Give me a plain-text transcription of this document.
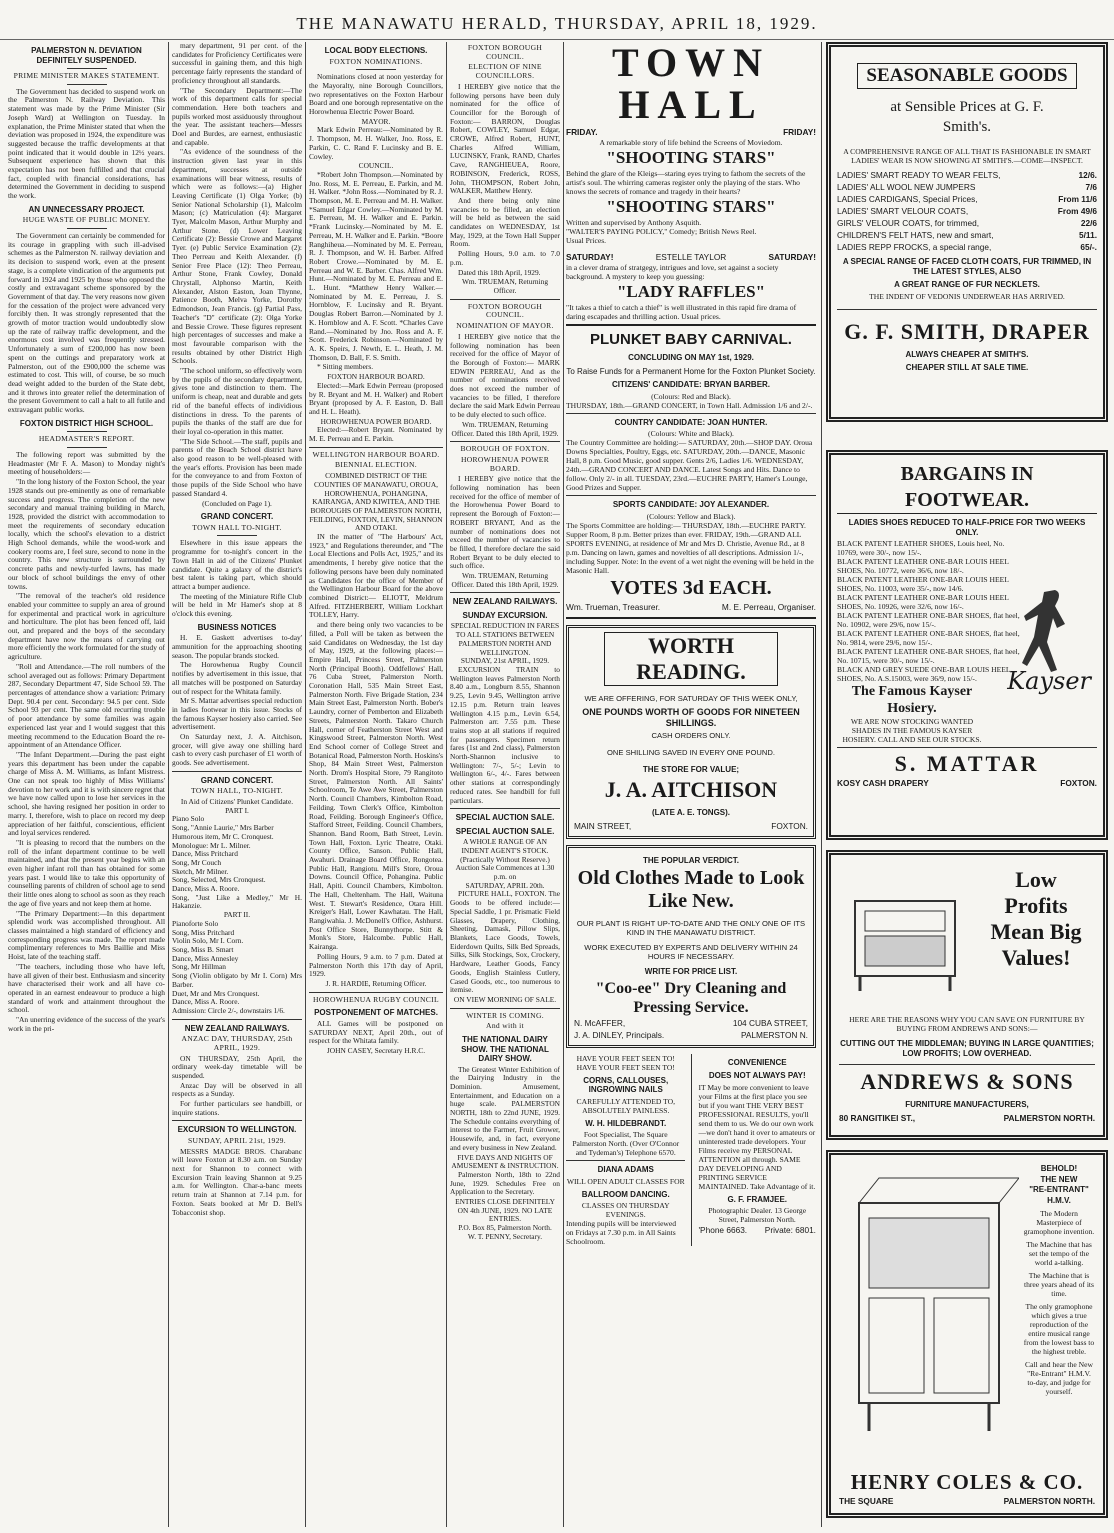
THE MANAWATU HERALD, THURSDAY, APRIL 18, 1929.
PALMERSTON N. DEVIATION DEFINITELY SUSPENDED.
PRIME MINISTER MAKES STATEMENT.

The Government has decided to suspend work on the Palmerston N. Railway Deviation. This statement was made by the Prime Minister (Sir Joseph Ward) at Wellington on Tuesday. In explanation, the Prime Minister stated that when the deviation was proposed in 1924, the expenditure was suggested because the traffic developments at that point indicated that it would double in 12½ years. Subsequent experience has shown that this expectation has not been fulfilled and that crucial fact, coupled with financial considerations, has determined the Government in deciding to suspend the work.

AN UNNECESSARY PROJECT.
HUGE WASTE OF PUBLIC MONEY.

The Government can certainly be commended for its courage in grappling with such ill-advised schemes as the Palmerston N. railway deviation and its decision to suspend work, even at the present stage, is a complete vindication of the arguments put forward in 1924 and 1925 by those who opposed the costly and extravagant scheme sponsored by the Government of that day. The very reasons now given for the cessation of the project were advanced very forcibly then. It was strongly represented that the growth of motor traction would undoubtedly slow up the rate of railway traffic development, and the enormous cost involved was frequently stressed. Unfortunately a sum of £200,000 has now been spent on the cuttings and preparatory work at Palmerston, out of the £900,000 the scheme was estimated to cost. This will, of course, be so much dead weight added to the burden of the State debt, and it throws into greater relief the determination of the present Government to call a halt to all futile and extravagant public works.

FOXTON DISTRICT HIGH SCHOOL.
HEADMASTER'S REPORT.

The following report was submitted by the Headmaster (Mr F. A. Mason) to Monday night's meeting of householders:—

"In the long history of the Foxton School, the year 1928 stands out pre-eminently as one of remarkable success and progress. The completion of the new secondary and manual training building in March, 1928, provided the district with accommodation to meet the requirements of secondary education locally, which the school's elevation to a district High School demands, while the wood-work and cookery rooms are, I feel sure, second to none in the country. This new structure is surrounded by concrete paths and newly-turfed lawns, has made our block of school buildings the envy of other towns.

"The removal of the teacher's old residence enabled your committee to supply an area of ground for experimental and practical work in agriculture and horticulture. The plot has been fenced off, laid out, and prepared and the boys of the secondary department have now the means of carrying out more efficiently the work formulated for the study of agriculture.

"Roll and Attendance.—The roll numbers of the school averaged out as follows: Primary Department 287, Secondary Department 47, Side School 59. The percentages of attendance show a variation: Primary Dept. 90.4 per cent. Secondary: 94.5 per cent. Side School 93 per cent. The same old recurring trouble of poor attendance by some families was again experienced last year and I would suggest that this meeting recommend to the Education Board the re-appointment of an Attendance Officer.

"The Infant Department.—During the past eight years this department has been under the capable charge of Miss A. M. Williams, as Infant Mistress. One can not speak too highly of Miss Williams' devotion to her work and it is with sincere regret that we have now called upon to lose her services in the school, she having resigned her position in order to marry. I, therefore, wish to place on record my deep appreciation of her faithful, conscientious, efficient and loyal services rendered.

"It is pleasing to record that the numbers on the roll of the infant department continue to be well maintained, and that the present year begins with an even higher infant roll than has obtained for some years past. I would like to take this opportunity of counselling parents of children of school age to send their little ones along to school as soon as they reach the age of five years and not keep them at home.

"The Primary Department:—In this department splendid work was accomplished throughout. All classes maintained a high standard of efficiency and corresponding progress was made. The report made complimentary references to Mrs Baillie and Miss Hoist, late of the teaching staff.

"The teachers, including those who have left, have all given of their best. Enthusiasm and sincerity have characterised their work and all have co-operated in an earnest endeavour to produce a high standard of work and attainment throughout the school.

"An unerring evidence of the success of the year's work in the pri-

mary department, 91 per cent. of the candidates for Proficiency Certificates were successful in gaining them, and this high percentage fairly represents the standard of proficiency throughout all standards.

"The Secondary Department:—The work of this department calls for special commendation. Here both teachers and pupils worked most assiduously throughout the year. The assistant teachers—Messrs Doel and Burdes, are earnest, enthusiastic and capable.

"As evidence of the soundness of the instruction given last year in this department, successes at outside examinations will bear witness, results of which were as follows:—(a) Higher Leaving Certificate (1) Olga Yorke; (b) Senior National Scholarship (1), Malcolm Mason; (c) Matriculation (4): Margaret Tyer, Malcolm Mason, Arthur Murphy and Arthur Stone. (d) Lower Leaving Certificate (2): Bessie Crowe and Margaret Tyer. (e) Public Service Examination (2): Theo Perreau and Keith Alexander. (f) Senior Free Place (12): Theo Perreau, Arthur Stone, Frank Cowley, Donald Chrystall, Alphonso Martin, Keith Alexander, Alston Easton, Joan Thynne, Patience Booth, Melva Yorke, Dorothy Edmondson, Jean Francis. (g) Partial Pass, Teacher's "D" certificate (2): Olga Yorke and Bessie Crowe. These figures represent high percentages of successes and make a most favourable comparison with the results obtained by other District High Schools.

"The school uniform, so effectively worn by the pupils of the secondary department, gives tone and distinction to them. The uniform is cheap, neat and durable and gets rid of the baneful effects of individious distinctions in dress. To the parents of pupils the thanks of the staff are due for their loyal co-operation in this matter.

"The Side School.—The staff, pupils and parents of the Beach School district have also good reason to be well-pleased with the year's efforts. Provision has been made for the conveyance to and from Foxton of those pupils of the Side School who have passed Standard 4.

(Concluded on Page 1).

GRAND CONCERT.
TOWN HALL TO-NIGHT.

Elsewhere in this issue appears the programme for to-night's concert in the Town Hall in aid of the Citizens' Plunket candidate. Quite a galaxy of the district's best talent is taking part, which should attract a bumper audience.

The meeting of the Miniature Rifle Club will be held in Mr Hamer's shop at 8 o'clock this evening.

BUSINESS NOTICES

H. E. Gaskett advertises to-day' ammunition for the approaching shooting season. The popular brands stocked.

The Horowhenua Rugby Council notifies by advertisement in this issue, that all matches will be postponed on Saturday out of respect for the Whitata family.

Mr S. Mattar advertises special reduction in ladies footwear in this issue. Stocks of the famous Kayser hosiery also carried. See advertisement.

On Saturday next, J. A. Aitchison, grocer, will give away one shilling hard cash to every cash purchaser of £1 worth of goods. See advertisement.

GRAND CONCERT.
TOWN HALL, TO-NIGHT.
In Aid of Citizens' Plunket Candidate.
PART I.
Piano Solo
Song, "Annie Laurie," Mrs Barber
Humorous item, Mr C. Cronquest.
Monologue: Mr L. Milner.
Dance, Miss Pritchard
Song, Mr Couch
Sketch, Mr Milner.
Song, Selected, Mrs Cronquest.
Dance, Miss A. Roore.
Song, "Just Like a Medley," Mr H. Hakanzie.
PART II.
Pianoforte Solo
Song, Miss Pritchard
Violin Solo, Mr I. Corn.
Song, Miss B. Smart
Dance, Miss Annesley
Song, Mr Hillman
Song (Violin obligato by Mr I. Corn) Mrs Barber.
Duet, Mr and Mrs Cronquest.
Dance, Miss A. Roore.
Admission: Circle 2/-, downstairs 1/6.
NEW ZEALAND RAILWAYS.
ANZAC DAY, THURSDAY, 25th APRIL, 1929.

ON THURSDAY, 25th April, the ordinary week-day timetable will be suspended.

Anzac Day will be observed in all respects as a Sunday.

For further particulars see handbill, or inquire stations.

EXCURSION TO WELLINGTON.
SUNDAY, APRIL 21st, 1929.

MESSRS MADGE BROS. Charabanc will leave Foxton at 8.30 a.m. on Sunday next for Shannon to connect with Excursion Train leaving Shannon at 9.25 a.m. for Wellington. Char-a-banc meets return train at Shannon at 7.14 p.m. for Foxton. Seats booked at Mr D. Bell's Tobacconist shop.

LOCAL BODY ELECTIONS.
FOXTON NOMINATIONS.

Nominations closed at noon yesterday for the Mayoralty, nine Borough Councillors, two representatives on the Foxton Harbour Board and one borough representative on the Horowhenua Electric Power Board.

MAYOR.

Mark Edwin Perreau:—Nominated by R. J. Thompson, M. H. Walker, Jno. Ross, E. Parkin, C. C. Rand F. Lucinsky and B. E. Cowley.

COUNCIL.

*Robert John Thompson.—Nominated by Jno. Ross, M. E. Perreau, E. Parkin, and M. H. Walker. *John Ross.—Nominated by R. J. Thompson, M. E. Perreau and M. H. Walker. *Samuel Edgar Cowley.—Nominated by M. E. Perreau, M. H. Walker and E. Parkin. *Frank Lucinsky.—Nominated by M. E. Perreau, M. H. Walker and E. Parkin. *Boore Ranghiheua.—Nominated by M. E. Perreau, R. J. Thompson, and W. H. Barber. Alfred Robert Crowe.—Nominated by M. E. Perreau and W. E. Barber. Chas. Alfred Wm. Hunt.—Nominated by M. E. Perreau and E. L. Hunt. *Matthew Henry Walker.—Nominated by M. E. Perreau, J. S. Hornblow, F. Lucinsky and R. Bryant. Douglas Robert Barron.—Nominated by J. K. Hornblow and A. F. Scott. *Charles Cave Rand.—Nominated by Jno. Ross and A. F. Scott. Frederick Robinson.—Nominated by A. K. Speirs, J. Newth, E. L. Heath, J. M. Thomson, D. Ball, F. S. Smith.

* Sitting members.

FOXTON HARBOUR BOARD.

Elected:—Mark Edwin Perreau (proposed by R. Bryant and M. H. Walker) and Robert Bryant (proposed by A. F. Easton, D. Ball and H. L. Heath).

HOROWHENUA POWER BOARD.

Elected:—Robert Bryant. Nominated by M. E. Perreau and E. Parkin.

WELLINGTON HARBOUR BOARD.
BIENNIAL ELECTION.

COMBINED DISTRICT OF THE COUNTIES OF MANAWATU, OROUA, HOROWHENUA, POHANGINA, KAIRANGA, AND KIWITEA, AND THE BOROUGHS OF PALMERSTON NORTH, FEILDING, FOXTON, LEVIN, SHANNON AND OTAKI.

IN the matter of "The Harbours' Act, 1923," and Regulations thereunder, and "The Local Elections and Polls Act, 1925," and its amendments, I hereby give notice that the following persons have been duly nominated as Candidates for the office of Member of the Wellington Harbour Board for the above combined District:— ELIOTT, Meldrum Alfred. FITZHERBERT, William Lockhart TOLLEY, Harry.

and there being only two vacancies to be filled, a Poll will be taken as between the said Candidates on Wednesday, the 1st day of May, 1929, at the following places:— Empire Hall, Princess Street, Palmerston North (Principal Booth). Oddfellows' Hall, 76 Cuba Street, Palmerston North. Coronation Hall, 535 Main Street East, Palmerston North. Five Brigade Station, 234 Main Street East, Palmerston North. Bober's Laundry, corner of Pemberton and Elizabeth Streets, Palmerston North. Takaro Church Hall, corner of Featherston Street West and Kingswood Street, Palmerston North. West End School corner of College Street and Botanical Road, Palmerston North. Hoskins's Shop, 84 Main Street West, Palmerston North. Drom's Hospital Store, 79 Rangitoto Street, Palmerston North. All Saints' Schoolroom, Te Awe Awe Street, Palmerston North. Council Chambers, Kimbolton Road, Feilding. Town Clerk's Office, Kimbolton Road, Feilding. Borough Engineer's Office, Stafford Street, Feilding. Council Chambers, Shannon. Band Room, Bath Street, Levin. Town Hall, Foxton. Lyric Theatre, Otaki. County Office, Sanson. Public Hall, Awahuri. Drainage Board Office, Rongotea. Public Hall, Rangiotu. Mill's Store, Oroua Downs. Council Office, Pohangina. Public Hall, Apiti. Council Chambers, Kimbolton. The Hall, Cheltenham. The Hall, Waituna West. T. Stewart's Residence, Otara Hill. Kreiger's Hall, Lower Kawhatau. The Hall, Rangiwahia. J. McDonell's Office, Ashhurst. Post Office Store, Bunnythorpe. Stitt & Monk's Store, Halcombe. Public Hall, Kairanga.

Polling Hours, 9 a.m. to 7 p.m. Dated at Palmerston North this 17th day of April, 1929.

J. R. HARDIE, Returning Officer.

HOROWHENUA RUGBY COUNCIL
POSTPONEMENT OF MATCHES.

ALL Games will be postponed on SATURDAY NEXT, April 20th., out of respect for the Whitata family.

JOHN CASEY, Secretary H.R.C.

FOXTON BOROUGH COUNCIL.
ELECTION OF NINE COUNCILLORS.

I HEREBY give notice that the following persons have been duly nominated for the office of Councillor for the Borough of Foxton:— BARRON, Douglas Robert, COWLEY, Samuel Edgar, CROWE, Alfred Robert, HUNT, Charles Alfred William, LUCINSKY, Frank, RAND, Charles Cave, RANGHIEUEA, Roore, ROBINSON, Frederick, ROSS, John, THOMPSON, Robert John, WALKER, Matthew Henry.

And there being only nine vacancies to be filled, an election will be held as between the said candidates on WEDNESDAY, 1st May, 1929, at the Town Hall Supper Room.

Polling Hours, 9.0 a.m. to 7.0 p.m.

Dated this 18th April, 1929.

Wm. TRUEMAN, Returning Officer.

FOXTON BOROUGH COUNCIL.
NOMINATION OF MAYOR.

I HEREBY give notice that the following nomination has been received for the office of Mayor of the Borough of Foxton:— MARK EDWIN PERREAU, And as the number of nominations received does not exceed the number of vacancies to be filled, I therefore declare the said Mark Edwin Perreau to be duly elected to such office.

Wm. TRUEMAN, Returning Officer. Dated this 18th April, 1929.

BOROUGH OF FOXTON.
HOROWHENUA POWER BOARD.

I HEREBY give notice that the following nomination has been received for the office of member of the Horowhenua Power Board to represent the Borough of Foxton:— ROBERT BRYANT, And as the number of nominations does not exceed the number of vacancies to be filled, I therefore declare the said Robert Bryant to be duly elected to such office.

Wm. TRUEMAN, Returning Officer. Dated this 18th April, 1929.

NEW ZEALAND RAILWAYS.
SUNDAY EXCURSION.

SPECIAL REDUCTION IN FARES TO ALL STATIONS BETWEEN PALMERSTON NORTH AND WELLINGTON.

SUNDAY, 21st APRIL, 1929.

EXCURSION TRAIN to Wellington leaves Palmerston North 8.40 a.m., Longburn 8.55, Shannon 9.25, Levin 9.45, Wellington arrive 12.15 p.m. Return train leaves Wellington 4.15 p.m., Levin 6.54, Palmerston arr. 7.55 p.m. These trains stop at all stations if required for passengers. Specimen return fares (1st and 2nd class), Palmerston North-Shannon inclusive to Wellington: 7/-, 5/-; Levin to Wellington 6/-, 4/-. Fares between other stations at correspondingly reduced rates. See handbill for full particulars.

SPECIAL AUCTION SALE.
SPECIAL AUCTION SALE.

A WHOLE RANGE OF AN INDENT AGENT'S STOCK. (Practically Without Reserve.) Auction Sale Commences at 1.30 p.m. on

SATURDAY, APRIL 20th.

PICTURE HALL, FOXTON. The Goods to be offered include:— Special Saddle, 1 pr. Prismatic Field Glasses, Drapery, Clothing, Sheeting, Damask, Pillow Slips, Blankets, Lace Goods, Towels, Eiderdown Quilts, Silk Bed Spreads, Silks, Silk Stockings, Sox, Crockery, Hardware, Leather Goods, Fancy Goods, English Stainless Cutlery, Cased Goods, etc., too numerous to itemise.

ON VIEW MORNING OF SALE.

WINTER IS COMING.
And with it
THE NATIONAL DAIRY SHOW. THE NATIONAL DAIRY SHOW.

The Greatest Winter Exhibition of the Dairying Industry in the Dominion. Amusement, Entertainment, and Education on a huge scale. PALMERSTON NORTH, 18th to 22nd JUNE, 1929. The Schedule contains everything of interest to the Farmer, Fruit Grower, Housewife, and, in fact, everyone and every business in New Zealand.

FIVE DAYS AND NIGHTS OF AMUSEMENT & INSTRUCTION.

Palmerston North, 18th to 22nd June, 1929. Schedules Free on Application to the Secretary.

ENTRIES CLOSE DEFINITELY ON 4th JUNE, 1929. NO LATE ENTRIES.

P.O. Box 85, Palmerston North.

W. T. PENNY, Secretary.

TOWN HALL
FRIDAY.	FRIDAY!
A remarkable story of life behind the Screens of Moviedom.
"SHOOTING STARS"
Behind the glare of the Kleigs—staring eyes trying to fathom the secrets of the artist's soul. The whirring cameras register only the playing of the stars. Who knows the secrets of romance and tragedy in their hearts?
"SHOOTING STARS"
Written and supervised by Anthony Asquith.
"WALTER'S PAYING POLICY," Comedy; British News Reel.
Usual Prices.
SATURDAY!	ESTELLE TAYLOR	SATURDAY!
in a clever drama of stratgegy, intrigues and love, set against a society background. A mystery to keep you guessing:
"LADY RAFFLES"
"It takes a thief to catch a thief" is well illustrated in this rapid fire drama of daring escapades and thrilling action. Usual prices.
PLUNKET BABY CARNIVAL.
CONCLUDING ON MAY 1st, 1929.
To Raise Funds for a Permanent Home for the Foxton Plunket Society.
CITIZENS' CANDIDATE: BRYAN BARBER.
(Colours: Red and Black).
THURSDAY, 18th.—GRAND CONCERT, in Town Hall. Admission 1/6 and 2/-.
COUNTRY CANDIDATE: JOAN HUNTER.
(Colours: White and Black).
The Country Committee are holding:— SATURDAY, 20th.—SHOP DAY. Oroua Downs Specialties, Poultry, Eggs, etc. SATURDAY, 20th.—DANCE, Masonic Hall, 8 p.m. Good Music, good supper. Gents 2/6, Ladies 1/6. WEDNESDAY, 24th.—GRAND CONCERT AND DANCE. Latest Songs and Hits. Dance to follow. Only 2/- in all. TUESDAY, 23rd.—EUCHRE PARTY, Hamer's Lounge, Good Prizes and Supper.
SPORTS CANDIDATE: JOY ALEXANDER.
(Colours: Yellow and Black).
The Sports Committee are holding:— THURSDAY, 18th.—EUCHRE PARTY. Supper Room, 8 p.m. Better prizes than ever. FRIDAY, 19th.—GRAND ALL SPORTS EVENING, at residence of Mr and Mrs D. Christie, Avenue Rd., at 8 p.m. Dancing on lawn, games and novelties of all descriptions. Admission 1/-, including Supper. Note: In the event of a wet night the evening will be held in the Masonic Hall.
VOTES 3d EACH.
Wm. Trueman, Treasurer.	M. E. Perreau, Organiser.
WORTH READING.
WE ARE OFFERING, FOR SATURDAY OF THIS WEEK ONLY,
ONE POUNDS WORTH OF GOODS FOR NINETEEN SHILLINGS.
CASH ORDERS ONLY.
ONE SHILLING SAVED IN EVERY ONE POUND.
THE STORE FOR VALUE;
J. A. AITCHISON
(LATE A. E. TONGS).
MAIN STREET,	FOXTON.
THE POPULAR VERDICT.
Old Clothes Made to Look Like New.
OUR PLANT IS RIGHT UP-TO-DATE AND THE ONLY ONE OF ITS KIND IN THE MANAWATU DISTRICT.
WORK EXECUTED BY EXPERTS AND DELIVERY WITHIN 24 HOURS IF NECESSARY.
WRITE FOR PRICE LIST.
"Coo-ee" Dry Cleaning and Pressing Service.
N. McAFFER,	104 CUBA STREET,
J. A. DINLEY, Principals.	PALMERSTON N.
HAVE YOUR FEET SEEN TO! HAVE YOUR FEET SEEN TO!
CORNS, CALLOUSES, INGROWING NAILS
CAREFULLY ATTENDED TO, ABSOLUTELY PAINLESS.
W. H. HILDEBRANDT.
Foot Specialist, The Square Palmerston North. (Over O'Connor and Tydeman's) Telephone 6570.
DIANA ADAMS
WILL OPEN ADULT CLASSES FOR
BALLROOM DANCING.
CLASSES ON THURSDAY EVENINGS.
Intending pupils will be interviewed on Fridays at 7.30 p.m. in All Saints Schoolroom.
CONVENIENCE
DOES NOT ALWAYS PAY!
IT May be more convenient to leave your Films at the first place you see but if you want THE VERY BEST PROFESSIONAL RESULTS, you'll send them to us. We do our own work—we don't hand it over to amateurs or uninterested trade developers. Your Films receive my PERSONAL ATTENTION all through. SAME DAY DEVELOPING AND PRINTING SERVICE MAINTAINED. Take Advantage of it.
G. F. FRAMJEE.
Photographic Dealer. 13 George Street, Palmerston North.
'Phone 6663. Private: 6801.
SEASONABLE GOODS
at Sensible Prices at G. F. Smith's.
A COMPREHENSIVE RANGE OF ALL THAT IS FASHIONABLE IN SMART LADIES' WEAR IS NOW SHOWING AT SMITH'S.—COME—INSPECT.
LADIES' SMART READY TO WEAR FELTS,	12/6.
LADIES' ALL WOOL NEW JUMPERS	7/6
LADIES CARDIGANS, Special Prices,	From 11/6
LADIES' SMART VELOUR COATS,	From 49/6
GIRLS' VELOUR COATS, for trimmed,	22/6
CHILDREN'S FELT HATS, new and smart,	5/11.
LADIES REPP FROCKS, a special range,	65/-.
A SPECIAL RANGE OF FACED CLOTH COATS, FUR TRIMMED, IN THE LATEST STYLES, ALSO
A GREAT RANGE OF FUR NECKLETS.
THE INDENT OF VEDONIS UNDERWEAR HAS ARRIVED.
G. F. SMITH, DRAPER
ALWAYS CHEAPER AT SMITH'S.
CHEAPER STILL AT SALE TIME.
BARGAINS IN FOOTWEAR.
LADIES SHOES REDUCED TO HALF-PRICE FOR TWO WEEKS ONLY.
BLACK PATENT LEATHER SHOES, Louis heel, No. 10769, were 30/-, now 15/-.
BLACK PATENT LEATHER ONE-BAR LOUIS HEEL SHOES, No. 10772, were 36/6, now 18/-.
BLACK PATENT LEATHER ONE-BAR LOUIS HEEL SHOES, No. 11003, were 35/-, now 14/6.
BLACK PATENT LEATHER ONE-BAR LOUIS HEEL SHOES, No. 10926, were 32/6, now 16/-.
BLACK PATENT LEATHER ONE-BAR SHOES, flat heel, No. 10902, were 29/6, now 15/-.
BLACK PATENT LEATHER ONE-BAR SHOES, flat heel, No. 9814, were 29/6, now 15/-.
BLACK PATENT LEATHER ONE-BAR SHOES, flat heel, No. 10715, were 30/-, now 15/-.
BLACK AND GREY SUEDE ONE-BAR LOUIS HEEL SHOES, No. A.S.15003, were 36/9, now 15/-.
The Famous Kayser Hosiery.
WE ARE NOW STOCKING WANTED SHADES IN THE FAMOUS KAYSER HOSIERY. CALL AND SEE OUR STOCKS.
Kayser
S. MATTAR
KOSY CASH DRAPERY	FOXTON.
Low
Profits
Mean Big
Values!
HERE ARE THE REASONS WHY YOU CAN SAVE ON FURNITURE BY BUYING FROM ANDREWS AND SONS:—
CUTTING OUT THE MIDDLEMAN; BUYING IN LARGE QUANTITIES; LOW PROFITS; LOW OVERHEAD.
ANDREWS & SONS
FURNITURE MANUFACTURERS,
80 RANGITIKEI ST.,	PALMERSTON NORTH.
BEHOLD!
THE NEW
"RE-ENTRANT"
H.M.V.
The Modern Masterpiece of gramophone invention.
The Machine that has set the tempo of the world a-talking.
The Machine that is three years ahead of its time.
The only gramophone which gives a true reproduction of the entire musical range from the lowest bass to the highest treble.
Call and hear the New "Re-Entrant" H.M.V. to-day, and judge for yourself.
HENRY COLES & CO.
THE SQUARE	PALMERSTON NORTH.
